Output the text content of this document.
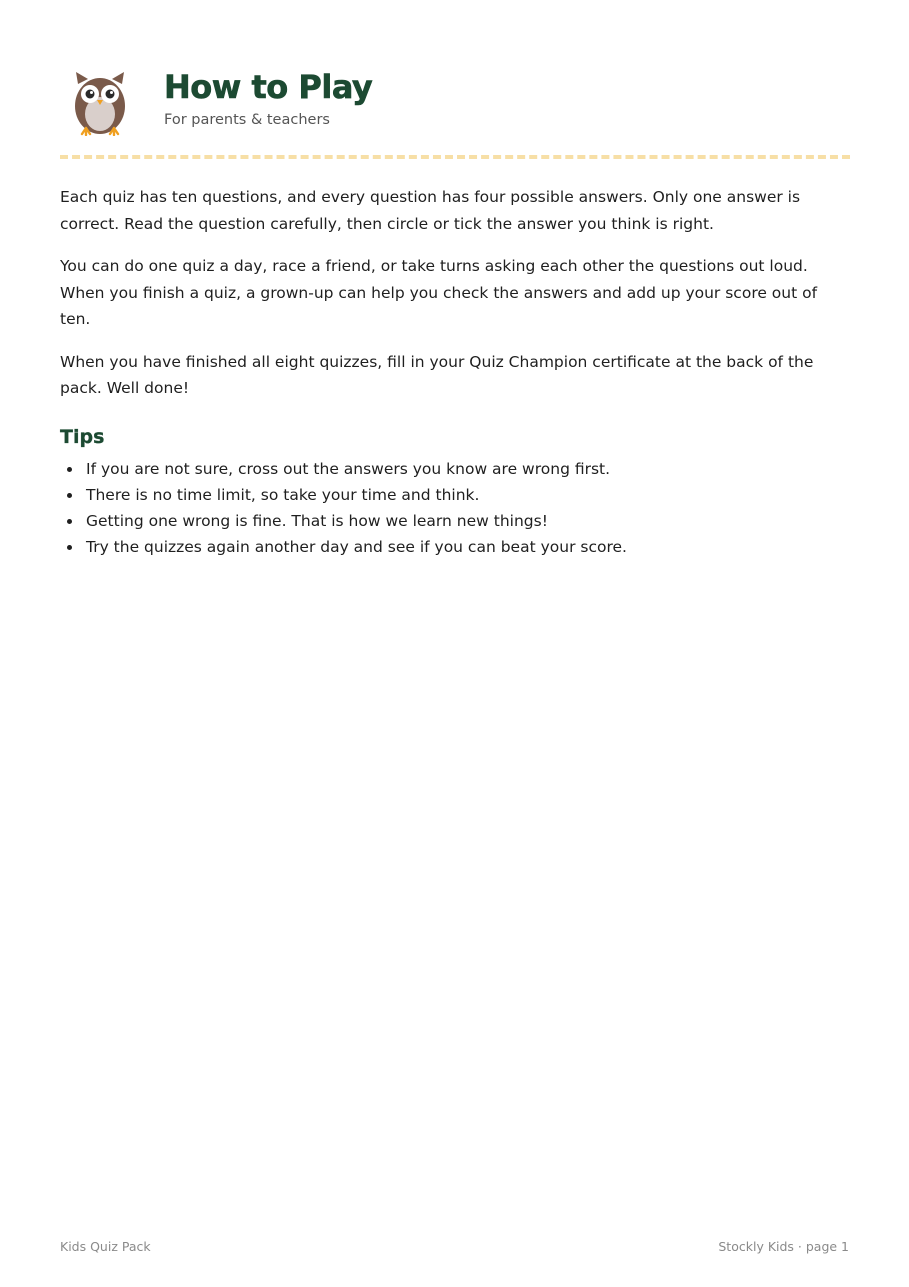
How to Play

For parents & teachers

Each quiz has ten questions, and every question has four possible answers. Only one answer is correct. Read the question carefully, then circle or tick the answer you think is right.

You can do one quiz a day, race a friend, or take turns asking each other the questions out loud. When you finish a quiz, a grown-up can help you check the answers and add up your score out of ten.

When you have finished all eight quizzes, fill in your Quiz Champion certificate at the back of the pack. Well done!

Tips
If you are not sure, cross out the answers you know are wrong first.
There is no time limit, so take your time and think.
Getting one wrong is fine. That is how we learn new things!
Try the quizzes again another day and see if you can beat your score.
Kids Quiz Pack	Stockly Kids · page 1
